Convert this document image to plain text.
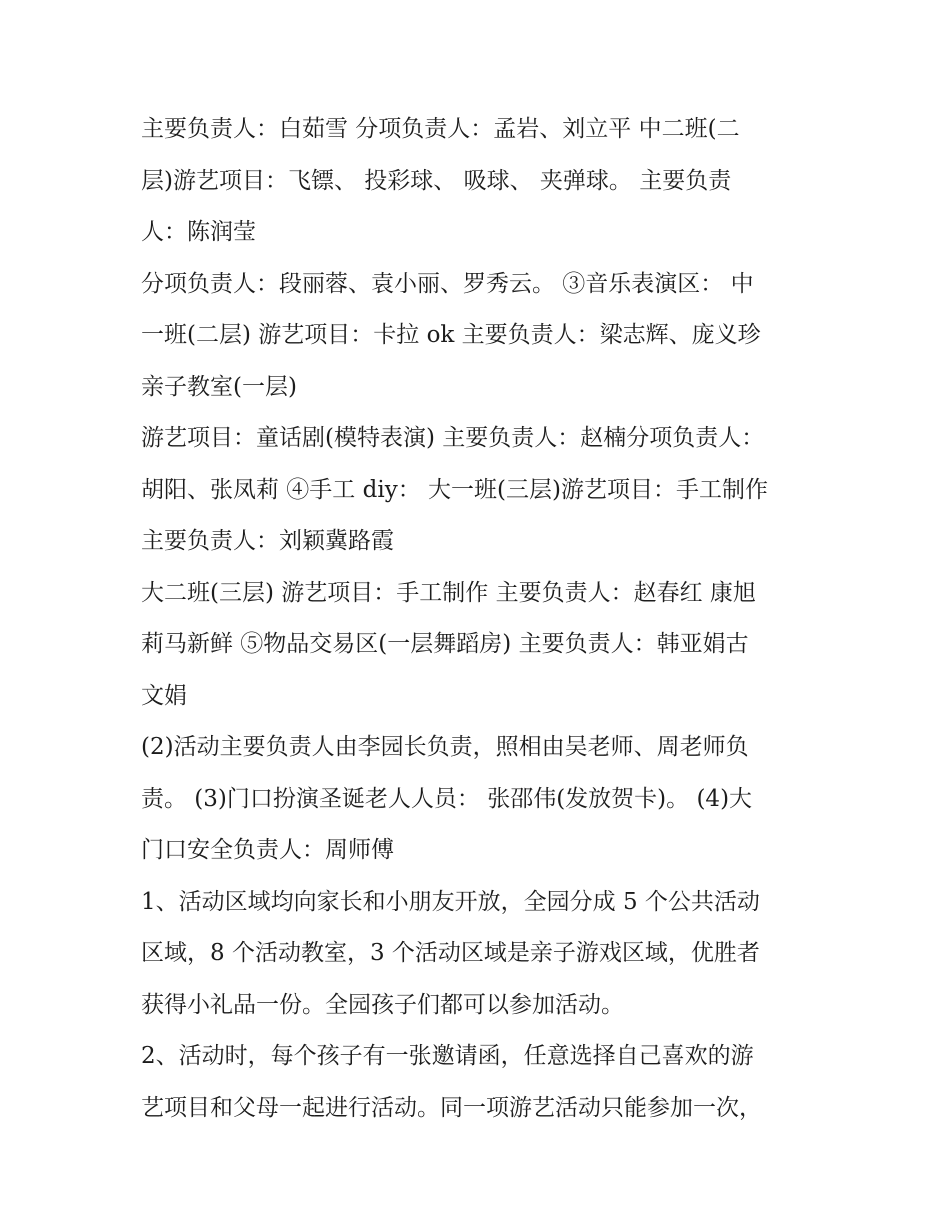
主要负责人：白茹雪 分项负责人：孟岩、刘立平 中二班(二
层)游艺项目：飞镖、 投彩球、 吸球、 夹弹球。 主要负责
人：陈润莹
分项负责人：段丽蓉、袁小丽、罗秀云。 ③音乐表演区： 中
一班(二层) 游艺项目：卡拉 ok 主要负责人：梁志辉、庞义珍
亲子教室(一层)
游艺项目：童话剧(模特表演) 主要负责人：赵楠分项负责人：
胡阳、张凤莉 ④手工 diy： 大一班(三层)游艺项目：手工制作
主要负责人：刘颖冀路霞
大二班(三层) 游艺项目：手工制作 主要负责人：赵春红 康旭
莉马新鲜 ⑤物品交易区(一层舞蹈房) 主要负责人：韩亚娟古
文娟
(2)活动主要负责人由李园长负责，照相由吴老师、周老师负
责。 (3)门口扮演圣诞老人人员： 张邵伟(发放贺卡)。 (4)大
门口安全负责人：周师傅
1、活动区域均向家长和小朋友开放，全园分成 5 个公共活动
区域，8 个活动教室，3 个活动区域是亲子游戏区域，优胜者
获得小礼品一份。全园孩子们都可以参加活动。
2、活动时，每个孩子有一张邀请函，任意选择自己喜欢的游
艺项目和父母一起进行活动。同一项游艺活动只能参加一次，
